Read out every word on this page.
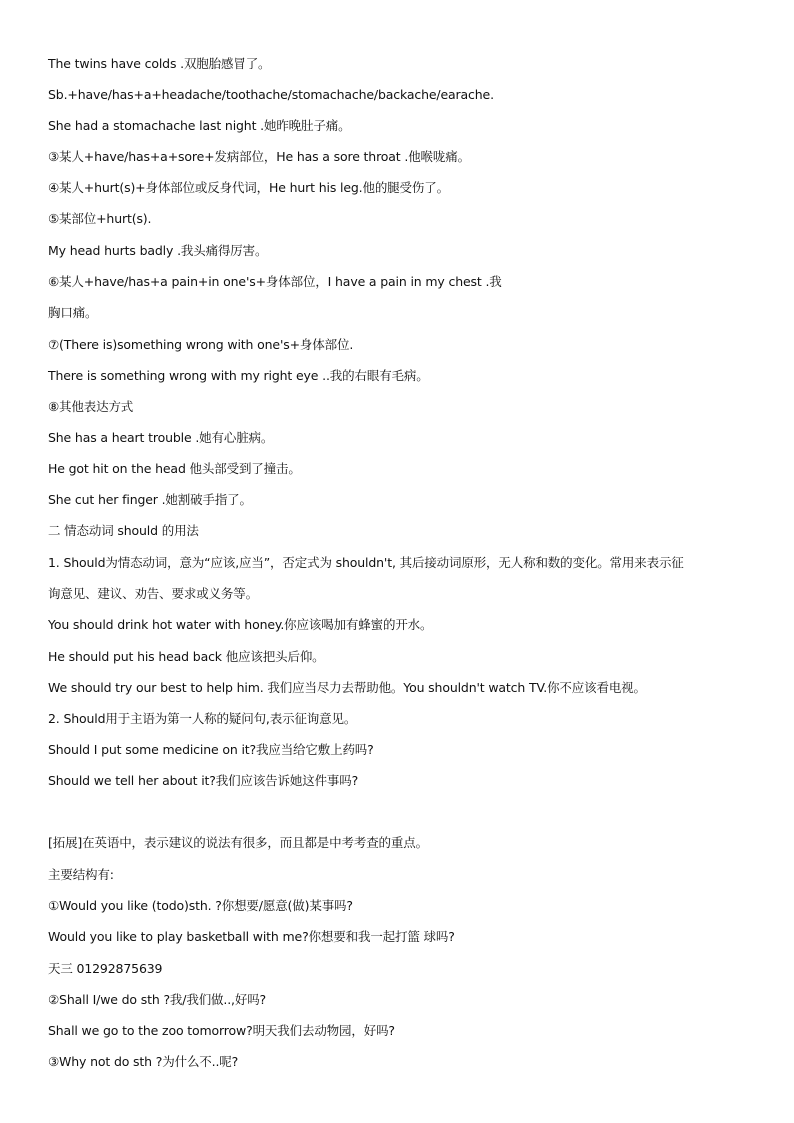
The twins have colds .双胞胎感冒了。
Sb.+have/has+a+headache/toothache/stomachache/backache/earache.
She had a stomachache last night .她昨晚肚子痛。
③某人+have/has+a+sore+发病部位，He has a sore throat .他喉咙痛。
④某人+hurt(s)+身体部位或反身代词，He hurt his leg.他的腿受伤了。
⑤某部位+hurt(s).
My head hurts badly .我头痛得厉害。
⑥某人+have/has+a pain+in one's+身体部位，I have a pain in my chest .我
胸口痛。
⑦(There is)something wrong with one's+身体部位.
There is something wrong with my right eye ..我的右眼有毛病。
⑧其他表达方式
She has a heart trouble .她有心脏病。
He got hit on the head 他头部受到了撞击。
She cut her finger .她割破手指了。
二 情态动词 should 的用法
1. Should为情态动词，意为“应该,应当”，否定式为 shouldn't, 其后接动词原形，无人称和数的变化。常用来表示征
询意见、建议、劝告、要求或义务等。
You should drink hot water with honey.你应该喝加有蜂蜜的开水。
He should put his head back 他应该把头后仰。
We should try our best to help him. 我们应当尽力去帮助他。You shouldn't watch TV.你不应该看电视。
2. Should用于主语为第一人称的疑问句,表示征询意见。
Should I put some medicine on it?我应当给它敷上药吗?
Should we tell her about it?我们应该告诉她这件事吗?
[拓展]在英语中，表示建议的说法有很多，而且都是中考考查的重点。
主要结构有:
①Would you like (todo)sth. ?你想要/愿意(做)某事吗?
Would you like to play basketball with me?你想要和我一起打篮 球吗?
天三 01292875639
②Shall I/we do sth ?我/我们做..,好吗?
Shall we go to the zoo tomorrow?明天我们去动物园，好吗?
③Why not do sth ?为什么不..呢?
